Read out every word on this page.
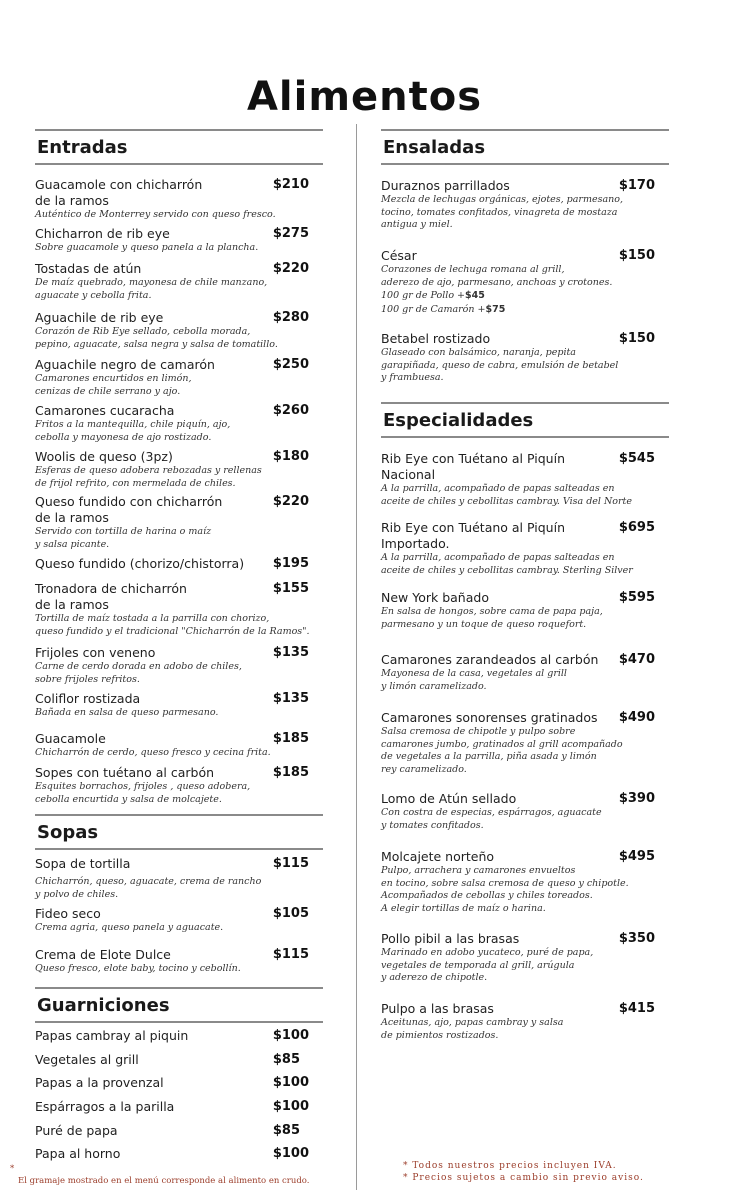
Alimentos
Entradas
Guacamole con chicharrón
de la ramos
$210
Auténtico de Monterrey servido con queso fresco.
Chicharron de rib eye	$275
Sobre guacamole y queso panela a la plancha.
Tostadas de atún	$220
De maíz quebrado, mayonesa de chile manzano,
aguacate y cebolla frita.
Aguachile de rib eye	$280
Corazón de Rib Eye sellado, cebolla morada,
pepino, aguacate, salsa negra y salsa de tomatillo.
Aguachile negro de camarón	$250
Camarones encurtidos en limón,
cenizas de chile serrano y ajo.
Camarones cucaracha	$260
Fritos a la mantequilla, chile piquín, ajo,
cebolla y mayonesa de ajo rostizado.
Woolis de queso (3pz)	$180
Esferas de queso adobera rebozadas y rellenas
de frijol refrito, con mermelada de chiles.
Queso fundido con chicharrón
de la ramos
$220
Servido con tortilla de harina o maíz
y salsa picante.
Queso fundido (chorizo/chistorra)	$195
Tronadora de chicharrón
de la ramos
$155
Tortilla de maíz tostada a la parrilla con chorizo,
queso fundido y el tradicional "Chicharrón de la Ramos".
Frijoles con veneno	$135
Carne de cerdo dorada en adobo de chiles,
sobre frijoles refritos.
Coliflor rostizada	$135
Bañada en salsa de queso parmesano.
Guacamole	$185
Chicharrón de cerdo, queso fresco y cecina frita.
Sopes con tuétano al carbón	$185
Esquites borrachos, frijoles , queso adobera,
cebolla encurtida y salsa de molcajete.
Sopas
Sopa de tortilla	$115
Chicharrón, queso, aguacate, crema de rancho
y polvo de chiles.
Fideo seco	$105
Crema agria, queso panela y aguacate.
Crema de Elote Dulce	$115
Queso fresco, elote baby, tocino y cebollín.
Guarniciones
Papas cambray al piquin	$100
Vegetales al grill	$85
Papas a la provenzal	$100
Espárragos a la parilla	$100
Puré de papa	$85
Papa al horno	$100
Ensaladas
Duraznos parrillados	$170
Mezcla de lechugas orgánicas, ejotes, parmesano,
tocino, tomates confitados, vinagreta de mostaza
antigua y miel.
César	$150
Corazones de lechuga romana al grill,
aderezo de ajo, parmesano, anchoas y crotones.
100 gr de Pollo +$45
100 gr de Camarón +$75
Betabel rostizado	$150
Glaseado con balsámico, naranja, pepita
garapiñada, queso de cabra, emulsión de betabel
y frambuesa.
Especialidades
Rib Eye con Tuétano al Piquín
Nacional
$545
A la parrilla, acompañado de papas salteadas en
aceite de chiles y cebollitas cambray. Visa del Norte
Rib Eye con Tuétano al Piquín
Importado.
$695
A la parrilla, acompañado de papas salteadas en
aceite de chiles y cebollitas cambray. Sterling Silver
New York bañado	$595
En salsa de hongos, sobre cama de papa paja,
parmesano y un toque de queso roquefort.
Camarones zarandeados al carbón	$470
Mayonesa de la casa, vegetales al grill
y limón caramelizado.
Camarones sonorenses gratinados	$490
Salsa cremosa de chipotle y pulpo sobre
camarones jumbo, gratinados al grill acompañado
de vegetales a la parrilla, piña asada y limón
rey caramelizado.
Lomo de Atún sellado	$390
Con costra de especias, espárragos, aguacate
y tomates confitados.
Molcajete norteño	$495
Pulpo, arrachera y camarones envueltos
en tocino, sobre salsa cremosa de queso y chipotle.
Acompañados de cebollas y chiles toreados.
A elegir tortillas de maíz o harina.
Pollo pibil a las brasas	$350
Marinado en adobo yucateco, puré de papa,
vegetales de temporada al grill, arúgula
y aderezo de chipotle.
Pulpo a las brasas	$415
Aceitunas, ajo, papas cambray y salsa
de pimientos rostizados.
*
El gramaje mostrado en el menú corresponde al alimento en crudo.
* Todos nuestros precios incluyen IVA.
* Precios sujetos a cambio sin previo aviso.
